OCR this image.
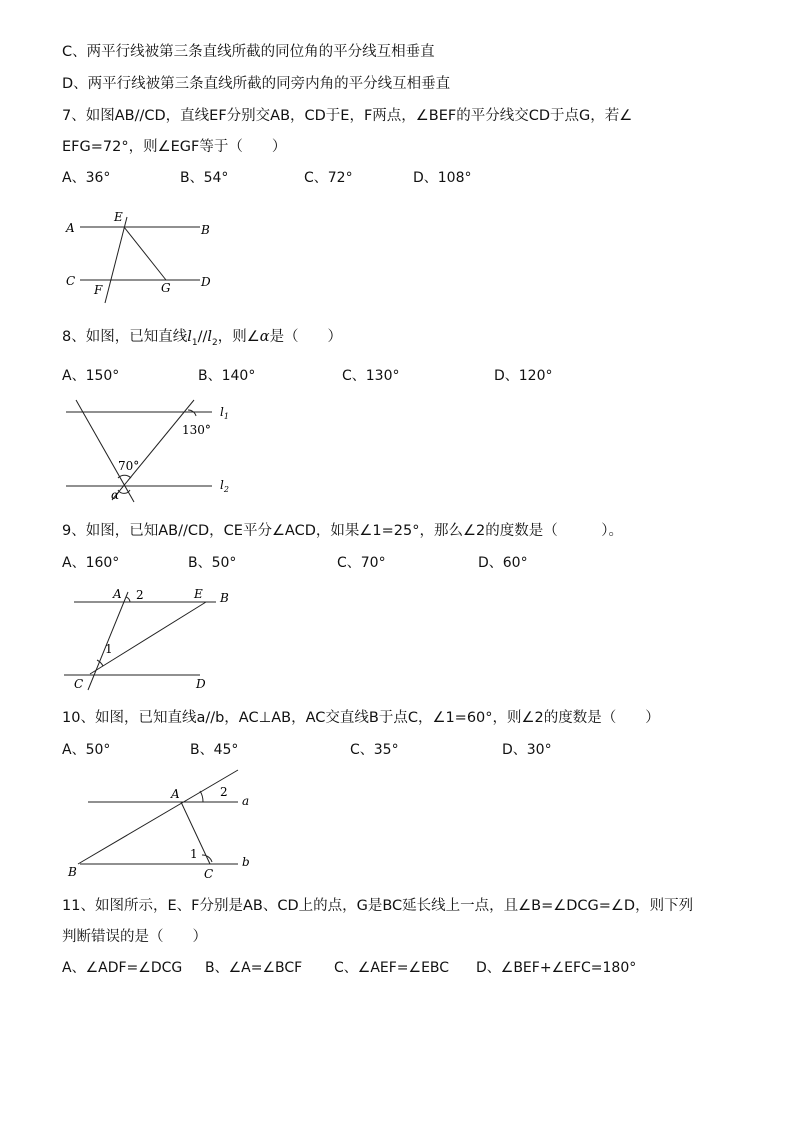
C、两平行线被第三条直线所截的同位角的平分线互相垂直
D、两平行线被第三条直线所截的同旁内角的平分线互相垂直
7、如图AB//CD，直线EF分别交AB，CD于E，F两点，∠BEF的平分线交CD于点G，若∠
EFG=72°，则∠EGF等于（　　）
A、36°	B、54°	C、72°	D、108°
A	B
C	D
E
F	G
8、如图，已知直线$l_1//l_2$，则∠α是（　　）
A、150°	B、140°	C、130°	D、120°
$l_1$
$l_2$
130°
70°
α
9、如图，已知AB//CD，CE平分∠ACD，如果∠1=25°，那么∠2的度数是（　　　）。
A、160°	B、50°	C、70°	D、60°
A 2	E B
1
C	D
10、如图，已知直线a//b，AC⊥AB，AC交直线B于点C，∠1=60°，则∠2的度数是（　　）
A、50°	B、45°	C、35°	D、30°
A	2
a
1
b
B	C
11、如图所示，E、F分别是AB、CD上的点，G是BC延长线上一点，且∠B=∠DCG=∠D，则下列
判断错误的是（　　）
A、∠ADF=∠DCG B、∠A=∠BCF C、∠AEF=∠EBC D、∠BEF+∠EFC=180°
